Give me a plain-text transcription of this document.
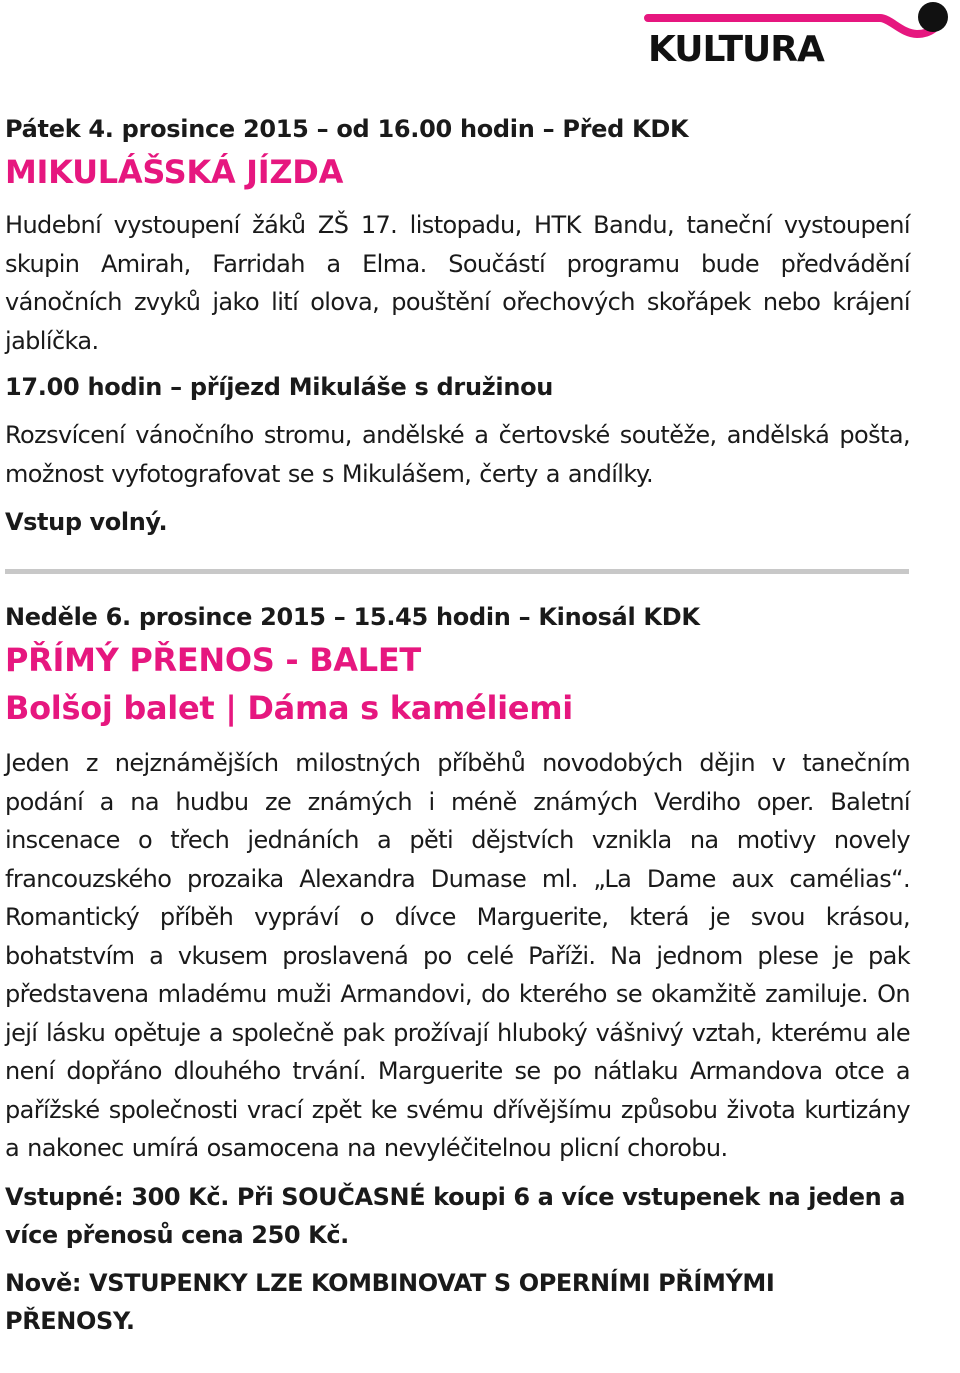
KULTURA

Pátek 4. prosince 2015 – od 16.00 hodin – Před KDK

MIKULÁŠSKÁ JÍZDA

Hudební vystoupení žáků ZŠ 17. listopadu, HTK Bandu, taneční vystoupení skupin Amirah, Farridah a Elma. Součástí programu bude předvádění vánočních zvyků jako lití olova, pouštění ořechových skořápek nebo krájení jablíčka.

17.00 hodin – příjezd Mikuláše s družinou

Rozsvícení vánočního stromu, andělské a čertovské soutěže, andělská pošta, možnost vyfotografovat se s Mikulášem, čerty a andílky.

Vstup volný.

Neděle 6. prosince 2015 – 15.45 hodin – Kinosál KDK

PŘÍMÝ PŘENOS - BALET
Bolšoj balet | Dáma s kaméliemi

Jeden z nejznámějších milostných příběhů novodobých dějin v tanečním podání a na hudbu ze známých i méně známých Verdiho oper. Baletní inscenace o třech jednáních a pěti dějstvích vznikla na motivy novely francouzského prozaika Alexandra Dumase ml. „La Dame aux camélias“. Romantický příběh vypráví o dívce Marguerite, která je svou krásou, bohatstvím a vkusem proslavená po celé Paříži. Na jednom plese je pak představena mladému muži Armandovi, do kterého se okamžitě zamiluje. On její lásku opětuje a společně pak prožívají hluboký vášnivý vztah, kterému ale není dopřáno dlouhého trvání. Marguerite se po nátlaku Armandova otce a pařížské společnosti vrací zpět ke svému dřívějšímu způsobu života kurtizány a nakonec umírá osamocena na nevyléčitelnou plicní chorobu.

Vstupné: 300 Kč. Při SOUČASNÉ koupi 6 a více vstupenek na jeden a více přenosů cena 250 Kč.

Nově: VSTUPENKY LZE KOMBINOVAT S OPERNÍMI PŘÍMÝMI PŘENOSY.
